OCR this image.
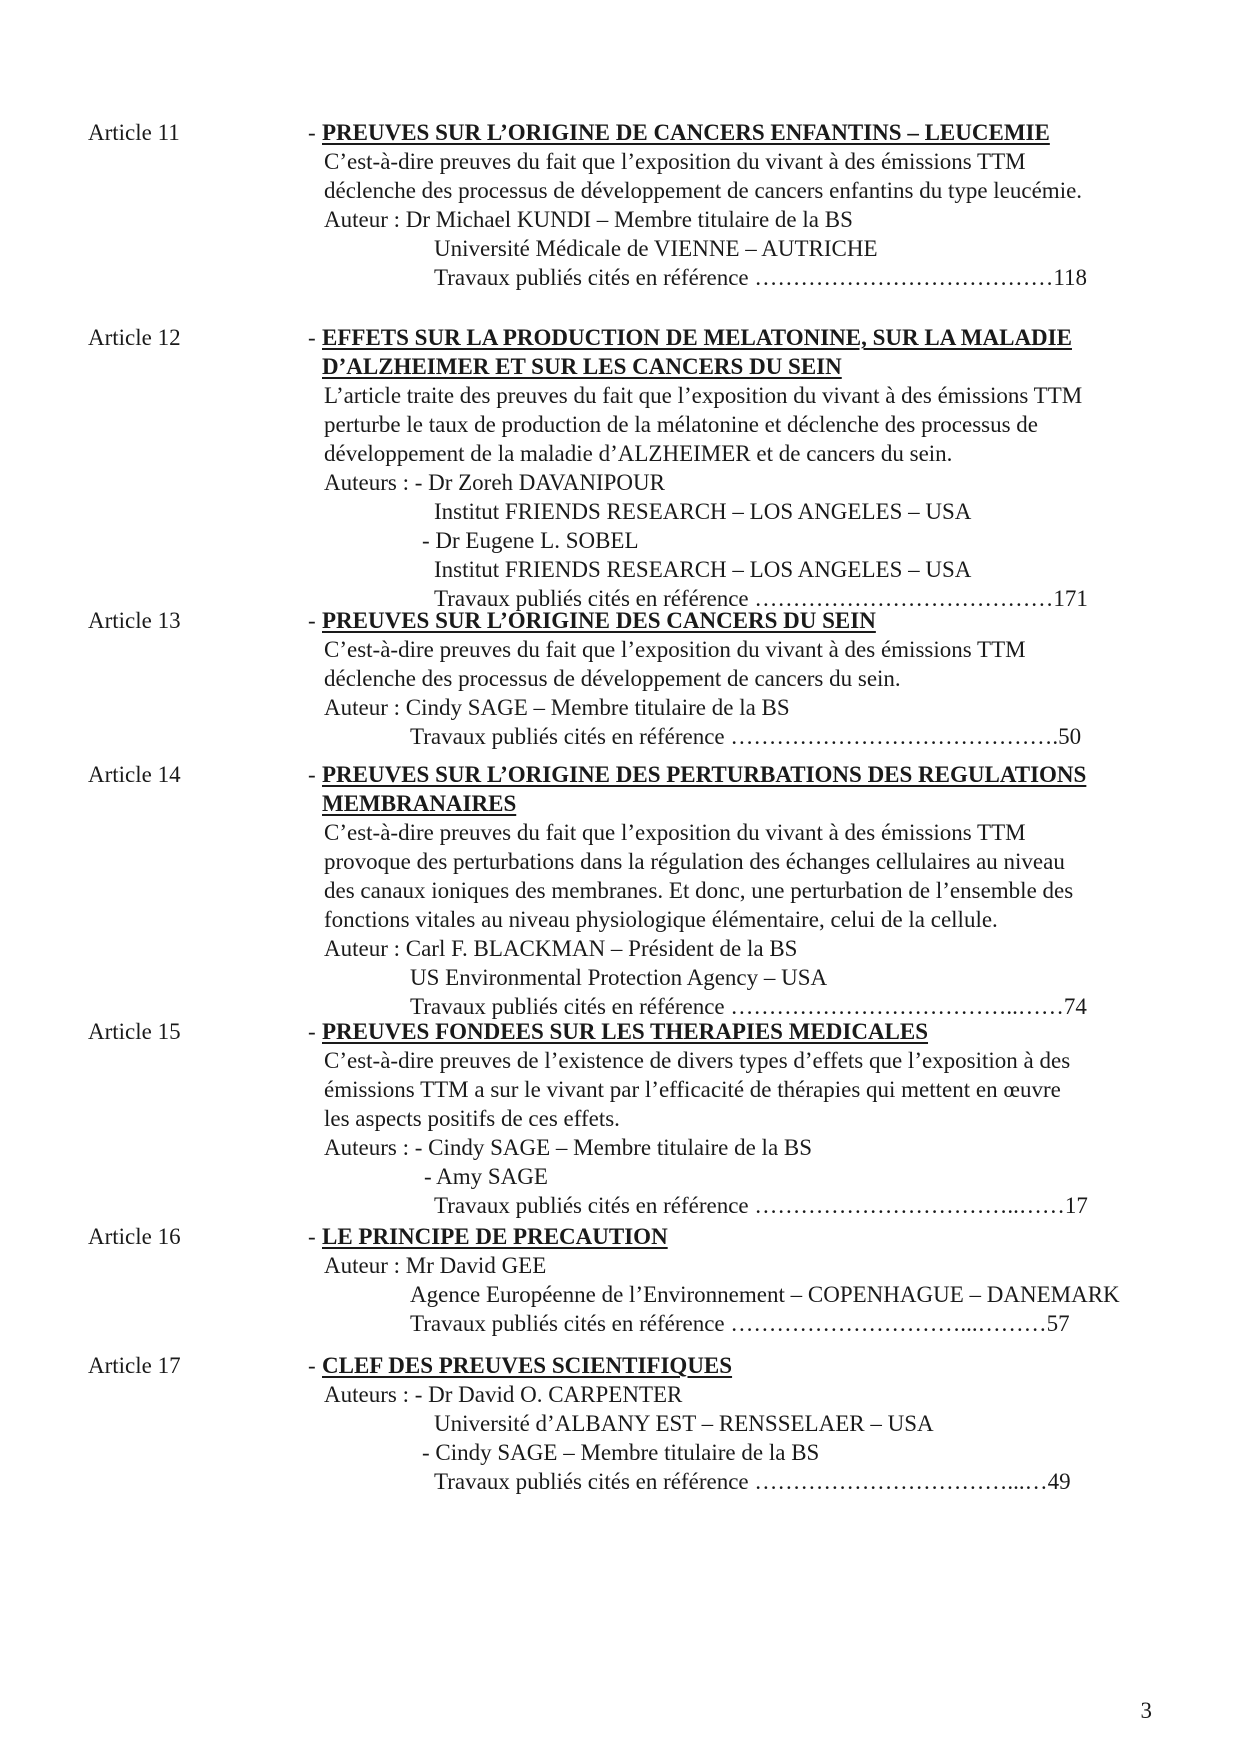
Article 11	- PREUVES SUR L’ORIGINE DE CANCERS ENFANTINS – LEUCEMIE
C’est-à-dire preuves du fait que l’exposition du vivant à des émissions TTM
déclenche des processus de développement de cancers enfantins du type leucémie.
Auteur : Dr Michael KUNDI – Membre titulaire de la BS
Université Médicale de VIENNE – AUTRICHE
Travaux publiés cités en référence …………………………………118
Article 12	- EFFETS SUR LA PRODUCTION DE MELATONINE, SUR LA MALADIE
D’ALZHEIMER ET SUR LES CANCERS DU SEIN
L’article traite des preuves du fait que l’exposition du vivant à des émissions TTM
perturbe le taux de production de la mélatonine et déclenche des processus de
développement de la maladie d’ALZHEIMER et de cancers du sein.
Auteurs : - Dr Zoreh DAVANIPOUR
Institut FRIENDS RESEARCH – LOS ANGELES – USA
- Dr Eugene L. SOBEL
Institut FRIENDS RESEARCH – LOS ANGELES – USA
Travaux publiés cités en référence …………………………………171
Article 13	- PREUVES SUR L’ORIGINE DES CANCERS DU SEIN
C’est-à-dire preuves du fait que l’exposition du vivant à des émissions TTM
déclenche des processus de développement de cancers du sein.
Auteur : Cindy SAGE – Membre titulaire de la BS
Travaux publiés cités en référence …………………………………….50
Article 14	- PREUVES SUR L’ORIGINE DES PERTURBATIONS DES REGULATIONS
MEMBRANAIRES
C’est-à-dire preuves du fait que l’exposition du vivant à des émissions TTM
provoque des perturbations dans la régulation des échanges cellulaires au niveau
des canaux ioniques des membranes. Et donc, une perturbation de l’ensemble des
fonctions vitales au niveau physiologique élémentaire, celui de la cellule.
Auteur : Carl F. BLACKMAN – Président de la BS
US Environmental Protection Agency – USA
Travaux publiés cités en référence ………………………………..……74
Article 15	- PREUVES FONDEES SUR LES THERAPIES MEDICALES
C’est-à-dire preuves de l’existence de divers types d’effets que l’exposition à des
émissions TTM a sur le vivant par l’efficacité de thérapies qui mettent en œuvre
les aspects positifs de ces effets.
Auteurs : - Cindy SAGE – Membre titulaire de la BS
- Amy SAGE
Travaux publiés cités en référence ……………………………..……17
Article 16	- LE PRINCIPE DE PRECAUTION
Auteur : Mr David GEE
Agence Européenne de l’Environnement – COPENHAGUE – DANEMARK
Travaux publiés cités en référence …………………………...………57
Article 17	- CLEF DES PREUVES SCIENTIFIQUES
Auteurs : - Dr David O. CARPENTER
Université d’ALBANY EST – RENSSELAER – USA
- Cindy SAGE – Membre titulaire de la BS
Travaux publiés cités en référence ……………………………...…49
3
